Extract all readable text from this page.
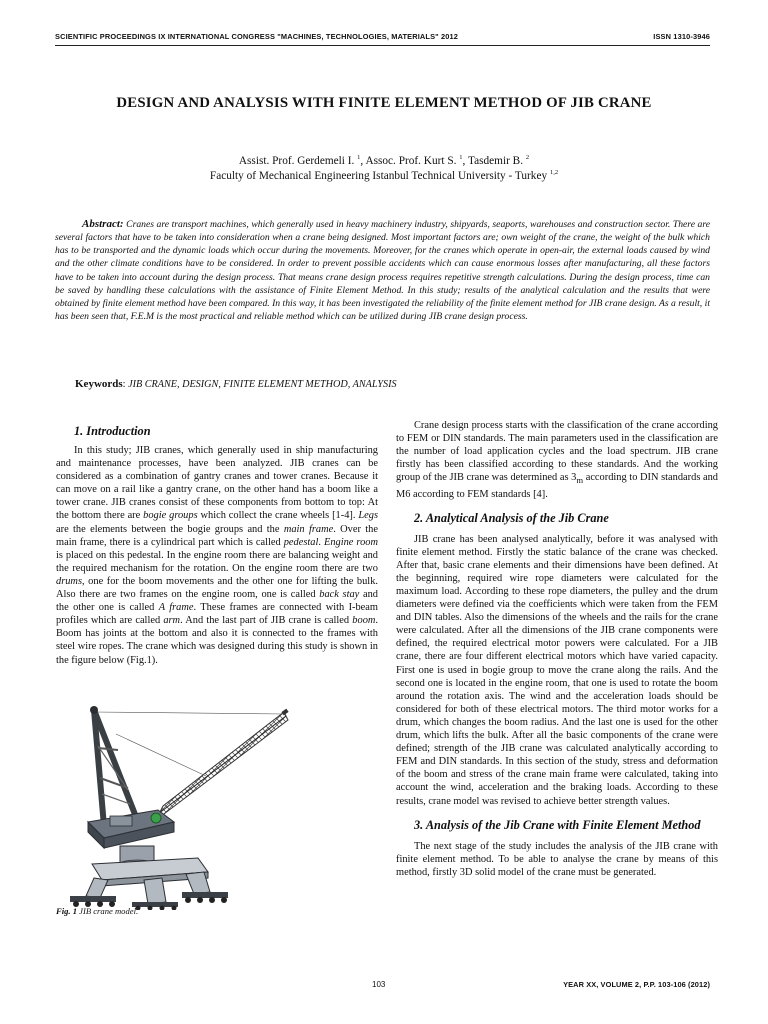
SCIENTIFIC PROCEEDINGS IX INTERNATIONAL CONGRESS "MACHINES, TECHNOLOGIES, MATERIALS" 2012	ISSN 1310-3946
DESIGN AND ANALYSIS WITH FINITE ELEMENT METHOD OF JIB CRANE
Assist. Prof. Gerdemeli I. $^1$, Assoc. Prof. Kurt S. $^1$, Tasdemir B. $^2$
Faculty of Mechanical Engineering Istanbul Technical University - Turkey $^{1,2}$
Abstract: Cranes are transport machines, which generally used in heavy machinery industry, shipyards, seaports, warehouses and construction sector. There are several factors that have to be taken into consideration when a crane being designed. Most important factors are; own weight of the crane, the weight of the bulk which has to be transported and the dynamic loads which occur during the movements. Moreover, for the cranes which operate in open-air, the external loads caused by wind and the other climate conditions have to be considered. In order to prevent possible accidents which can cause enormous losses after manufacturing, all these factors have to be taken into account during the design process. That means crane design process requires repetitive strength calculations. During the design process, time can be saved by handling these calculations with the assistance of Finite Element Method. In this study; results of the analytical calculation and the results that were obtained by finite element method have been compared. In this way, it has been investigated the reliability of the finite element method for JIB crane design. As a result, it has been seen that, F.E.M is the most practical and reliable method which can be utilized during JIB crane design process.
Keywords: JIB CRANE, DESIGN, FINITE ELEMENT METHOD, ANALYSIS
1. Introduction

In this study; JIB cranes, which generally used in ship manufacturing and maintenance processes, have been analyzed. JIB cranes can be considered as a combination of gantry cranes and tower cranes. Because it can move on a rail like a gantry crane, on the other hand has a boom like a tower crane. JIB cranes consist of these components from bottom to top: At the bottom there are bogie groups which collect the crane wheels [1-4]. Legs are the elements between the bogie groups and the main frame. Over the main frame, there is a cylindrical part which is called pedestal. Engine room is placed on this pedestal. In the engine room there are balancing weight and the required mechanism for the rotation. On the engine room there are two drums, one for the boom movements and the other one for lifting the bulk. Also there are two frames on the engine room, one is called back stay and the other one is called A frame. These frames are connected with I-beam profiles which are called arm. And the last part of JIB crane is called boom. Boom has joints at the bottom and also it is connected to the frames with steel wire ropes. The crane which was designed during this study is shown in the figure below (Fig.1).

Fig. 1 JIB crane model.

Crane design process starts with the classification of the crane according to FEM or DIN standards. The main parameters used in the classification are the number of load application cycles and the load spectrum. JIB crane firstly has been classified according to these standards. And the working group of the JIB crane was determined as $3_m$ according to DIN standards and M6 according to FEM standards [4].

2. Analytical Analysis of the Jib Crane

JIB crane has been analysed analytically, before it was analysed with finite element method. Firstly the static balance of the crane was checked. After that, basic crane elements and their dimensions have been defined. At the beginning, required wire rope diameters were calculated for the maximum load. According to these rope diameters, the pulley and the drum diameters were defined via the coefficients which were taken from the FEM and DIN tables. Also the dimensions of the wheels and the rails for the crane were calculated. After all the dimensions of the JIB crane components were defined, the required electrical motor powers were calculated. For a JIB crane, there are four different electrical motors which have varied capacity. First one is used in bogie group to move the crane along the rails. And the second one is located in the engine room, that one is used to rotate the boom around the rotation axis. The wind and the acceleration loads should be considered for both of these electrical motors. The third motor works for a drum, which changes the boom radius. And the last one is used for the other drum, which lifts the bulk. After all the basic components of the crane were defined; strength of the JIB crane was calculated analytically according to FEM and DIN standards. In this section of the study, stress and deformation of the boom and stress of the crane main frame were calculated, taking into account the wind, acceleration and the braking loads. According to these results, crane model was revised to achieve better strength values.

3. Analysis of the Jib Crane with Finite Element Method

The next stage of the study includes the analysis of the JIB crane with finite element method. To be able to analyse the crane by means of this method, firstly 3D solid model of the crane must be generated.

103	YEAR XX, VOLUME 2, P.P. 103-106 (2012)
